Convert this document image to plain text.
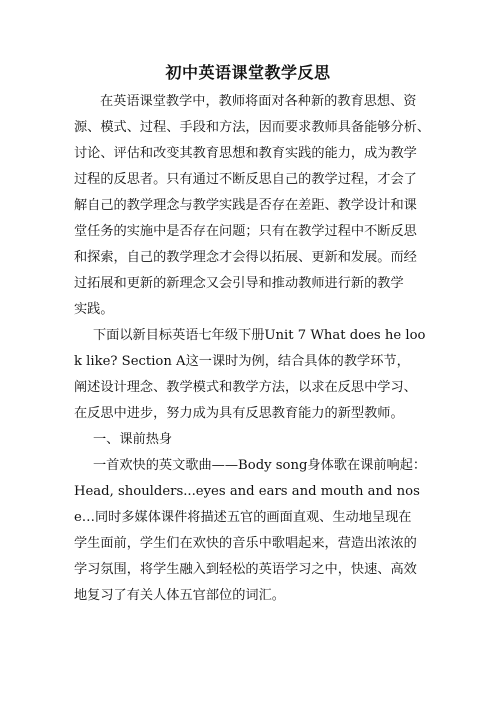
初中英语课堂教学反思
在英语课堂教学中，教师将面对各种新的教育思想、资
源、模式、过程、手段和方法，因而要求教师具备能够分析、
讨论、评估和改变其教育思想和教育实践的能力，成为教学
过程的反思者。只有通过不断反思自己的教学过程，才会了
解自己的教学理念与教学实践是否存在差距、教学设计和课
堂任务的实施中是否存在问题；只有在教学过程中不断反思
和探索，自己的教学理念才会得以拓展、更新和发展。而经
过拓展和更新的新理念又会引导和推动教师进行新的教学
实践。
下面以新目标英语七年级下册Unit 7 What does he loo
k like? Section A这一课时为例，结合具体的教学环节，
阐述设计理念、教学模式和教学方法，以求在反思中学习、
在反思中进步，努力成为具有反思教育能力的新型教师。
一、课前热身
一首欢快的英文歌曲——Body song身体歌在课前响起：
Head, shoulders...eyes and ears and mouth and nos
e…同时多媒体课件将描述五官的画面直观、生动地呈现在
学生面前，学生们在欢快的音乐中歌唱起来，营造出浓浓的
学习氛围，将学生融入到轻松的英语学习之中，快速、高效
地复习了有关人体五官部位的词汇。
